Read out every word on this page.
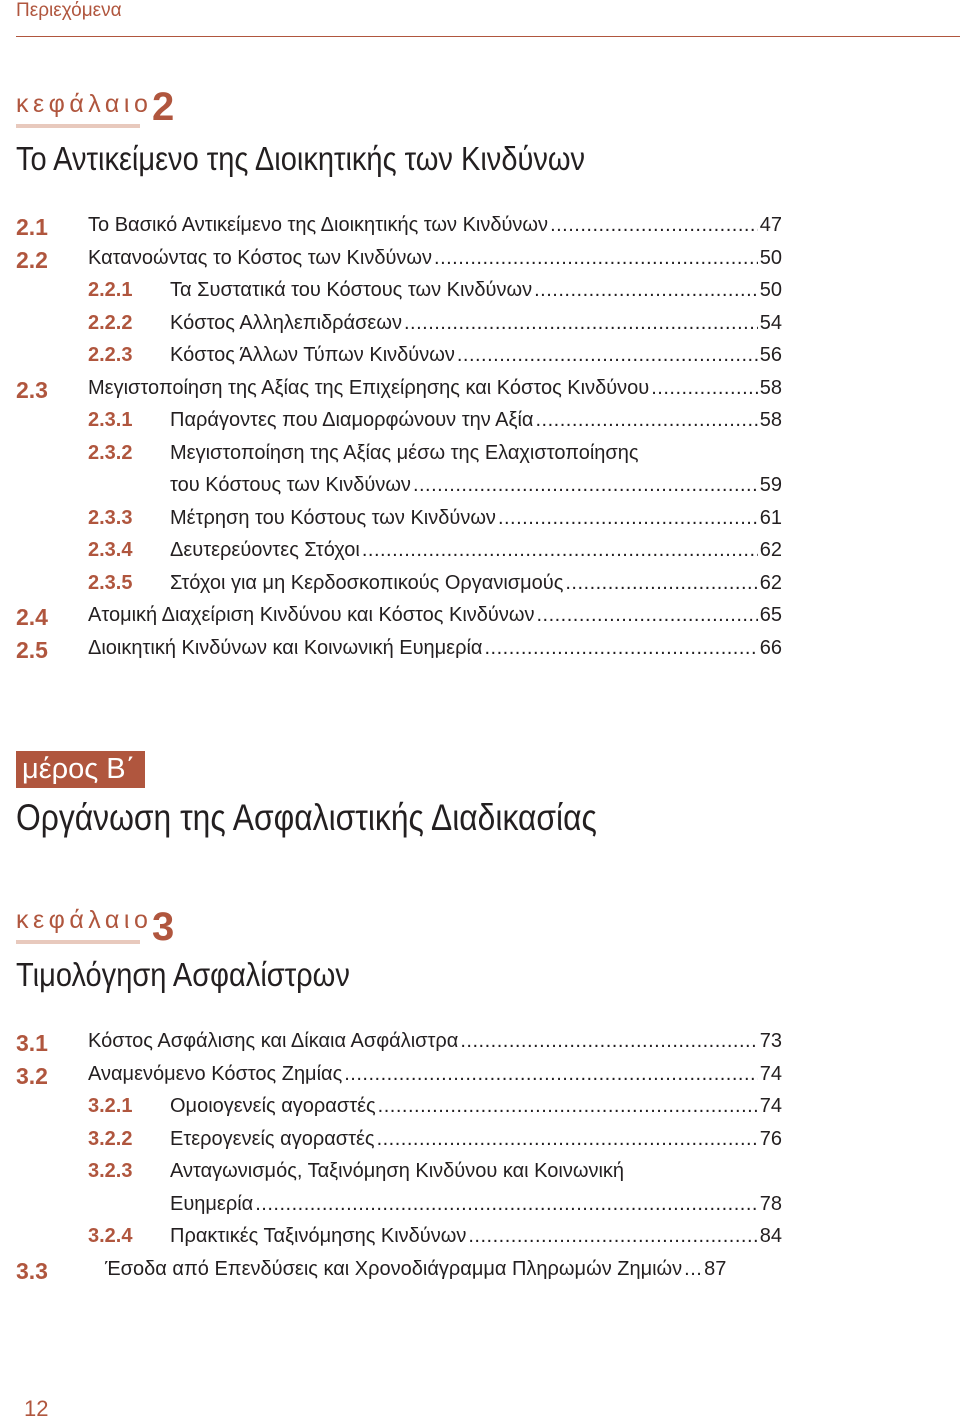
Περιεχόμενα
κεφάλαιο 2
Το Αντικείμενο της Διοικητικής των Κινδύνων
2.1 Το Βασικό Αντικείμενο της Διοικητικής των Κινδύνων .....	47
2.2 Κατανοώντας το Κόστος των Κινδύνων .....	50
2.2.1 Τα Συστατικά του Κόστους των Κινδύνων .....	50
2.2.2 Κόστος Αλληλεπιδράσεων .....	54
2.2.3 Κόστος Άλλων Τύπων Κινδύνων .....	56
2.3 Μεγιστοποίηση της Αξίας της Επιχείρησης και Κόστος Κινδύνου .....	58
2.3.1 Παράγοντες που Διαμορφώνουν την Αξία .....	58
2.3.2 Μεγιστοποίηση της Αξίας μέσω της Ελαχιστοποίησης
του Κόστους των Κινδύνων .....	59
2.3.3 Μέτρηση του Κόστους των Κινδύνων .....	61
2.3.4 Δευτερεύοντες Στόχοι .....	62
2.3.5 Στόχοι για μη Κερδοσκοπικούς Οργανισμούς .....	62
2.4 Ατομική Διαχείριση Κινδύνου και Κόστος Κινδύνων .....	65
2.5 Διοικητική Κινδύνων και Κοινωνική Ευημερία .....	66
μέρος Β΄
Οργάνωση της Ασφαλιστικής Διαδικασίας
κεφάλαιο 3
Τιμολόγηση Ασφαλίστρων
3.1 Κόστος Ασφάλισης και Δίκαια Ασφάλιστρα .....	73
3.2 Αναμενόμενο Κόστος Ζημίας .....	74
3.2.1 Ομοιογενείς αγοραστές .....	74
3.2.2 Ετερογενείς αγοραστές .....	76
3.2.3 Ανταγωνισμός, Ταξινόμηση Κινδύνου και Κοινωνική
Ευημερία .....	78
3.2.4 Πρακτικές Ταξινόμησης Κινδύνων .....	84
3.3	Έσοδα από Επενδύσεις και Χρονοδιάγραμμα Πληρωμών Ζημιών ..... 87
12
